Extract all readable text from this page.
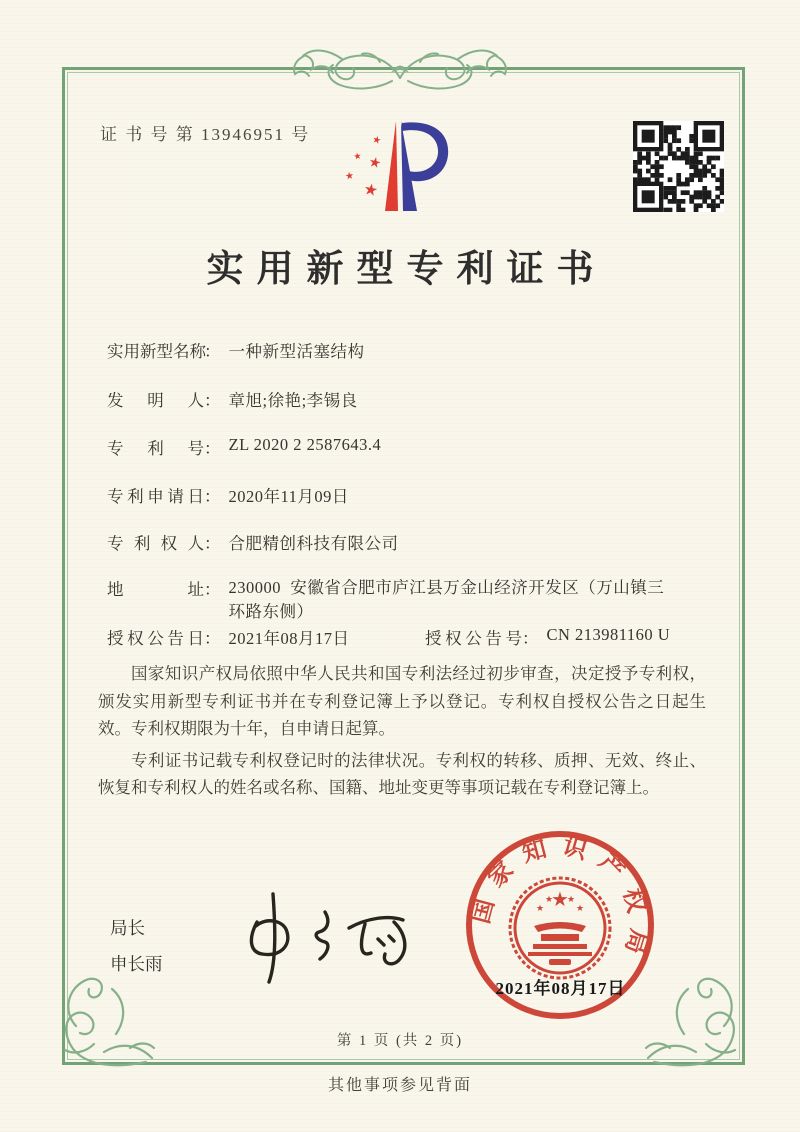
证 书 号 第 13946951 号	★
★ ★
★
★
实用新型专利证书
实用新型名称： 一种新型活塞结构
发明人： 章旭;徐艳;李锡良
专利号： ZL 2020 2 2587643.4
专利申请日： 2020年11月09日
专利权人： 合肥精创科技有限公司
地址： 230000  安徽省合肥市庐江县万金山经济开发区（万山镇三环路东侧）
授权公告日： 2021年08月17日	授权公告号： CN 213981160 U

国家知识产权局依照中华人民共和国专利法经过初步审查，决定授予专利权，颁发实用新型专利证书并在专利登记簿上予以登记。专利权自授权公告之日起生效。专利权期限为十年，自申请日起算。

专利证书记载专利权登记时的法律状况。专利权的转移、质押、无效、终止、恢复和专利权人的姓名或名称、国籍、地址变更等事项记载在专利登记簿上。

局长
申长雨
国家知识产权局
★
★
★ ★
★
2021年08月17日
第 1 页 (共 2 页)
其他事项参见背面
